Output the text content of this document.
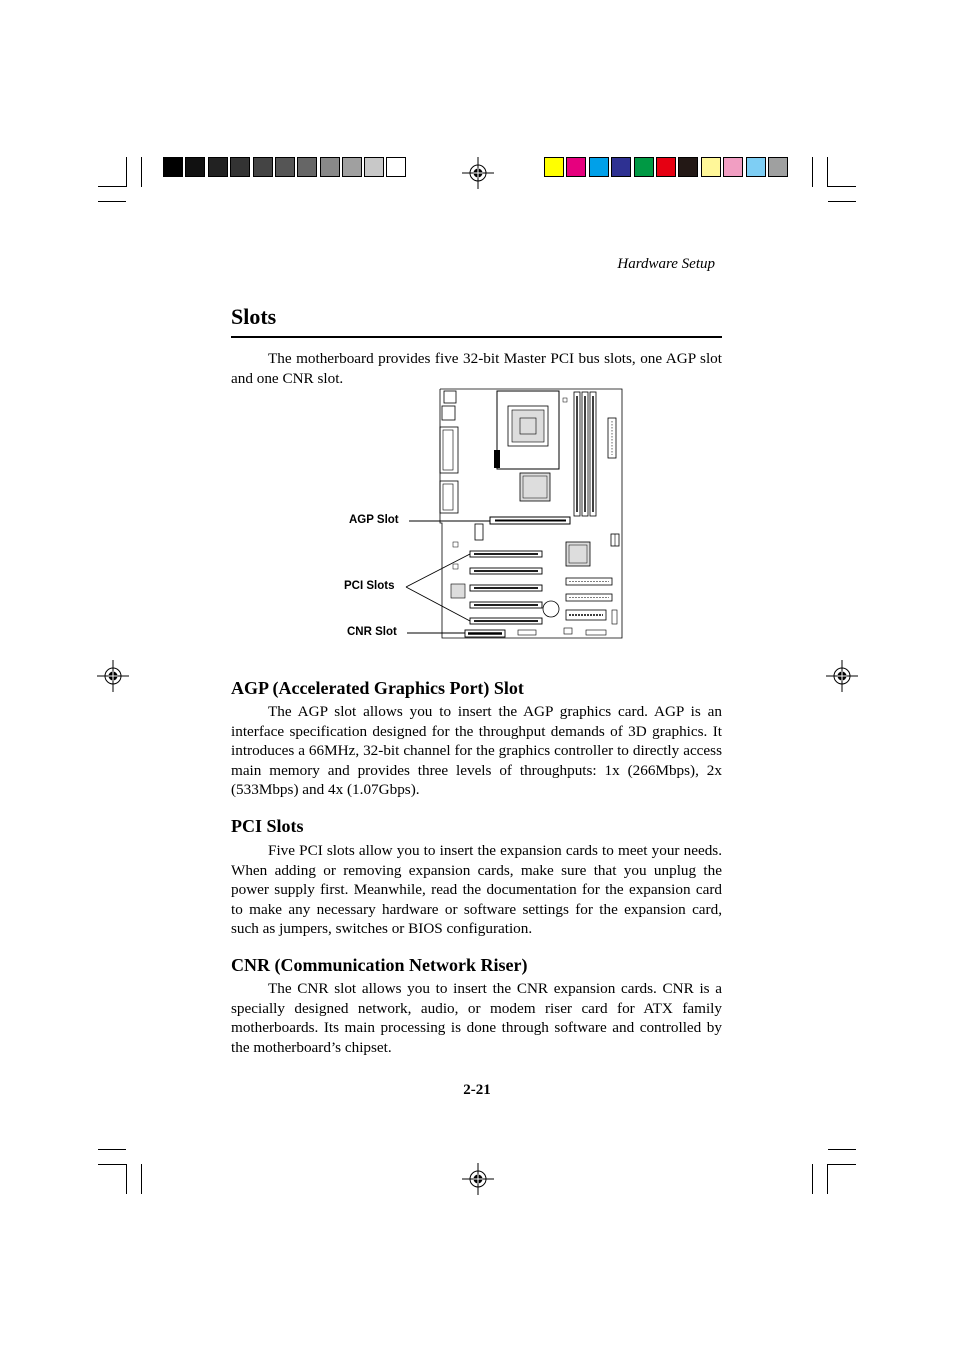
Hardware Setup
Slots

The motherboard provides five 32-bit Master PCI bus slots, one AGP slot and one CNR slot.

AGP Slot
PCI Slots
CNR Slot
AGP (Accelerated Graphics Port) Slot

The AGP slot allows you to insert the AGP graphics card. AGP is an interface specification designed for the throughput demands of 3D graphics. It introduces a 66MHz, 32-bit channel for the graphics controller to directly access main memory and provides three levels of throughputs: 1x (266Mbps), 2x (533Mbps) and 4x (1.07Gbps).

PCI Slots

Five PCI slots allow you to insert the expansion cards to meet your needs. When adding or removing expansion cards, make sure that you unplug the power supply first. Meanwhile, read the documentation for the expansion card to make any necessary hardware or software settings for the expansion card, such as jumpers, switches or BIOS configuration.

CNR (Communication Network Riser)

The CNR slot allows you to insert the CNR expansion cards. CNR is a specially designed network, audio, or modem riser card for ATX family motherboards. Its main processing is done through software and controlled by the motherboard’s chipset.

2-21
